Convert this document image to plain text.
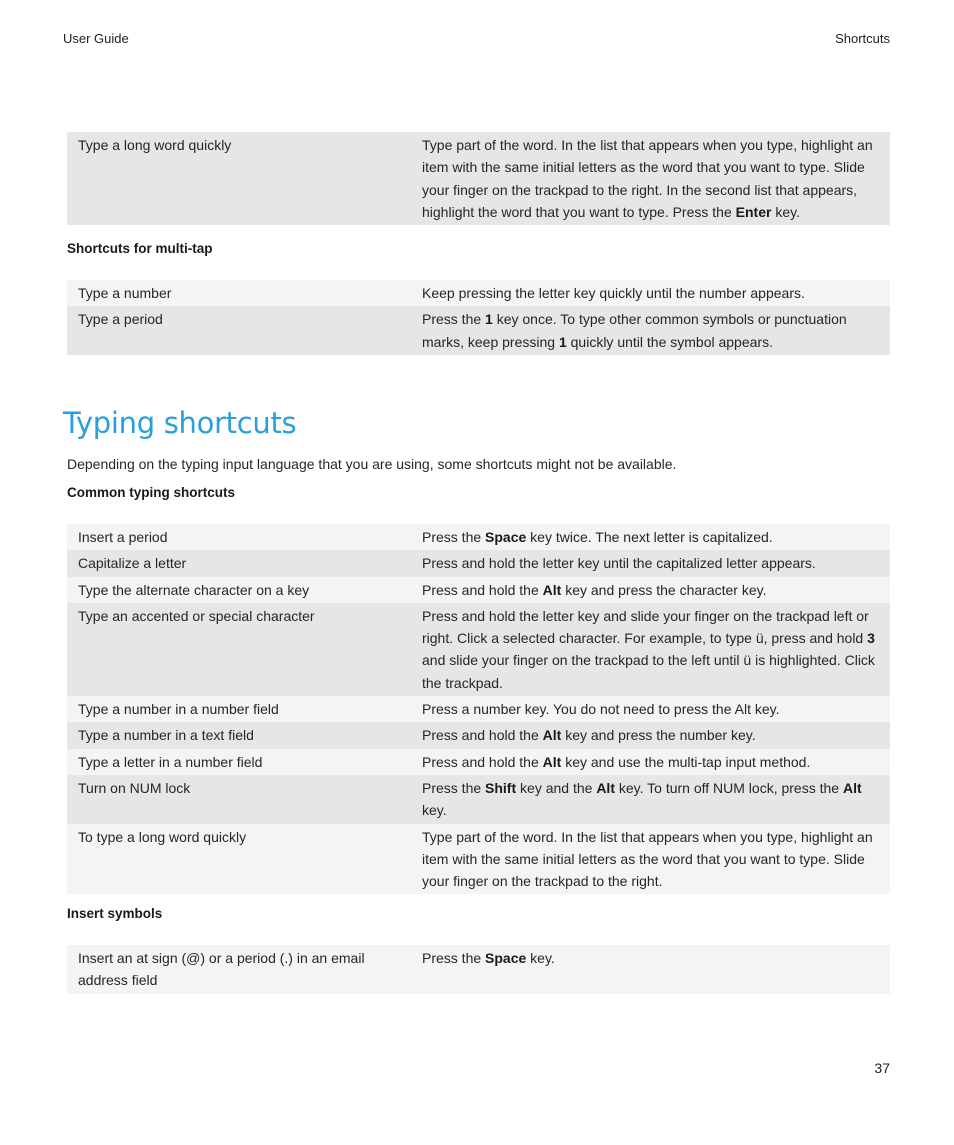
User Guide	Shortcuts
Type a long word quickly	Type part of the word. In the list that appears when you type, highlight an item with the same initial letters as the word that you want to type. Slide your finger on the trackpad to the right. In the second list that appears, highlight the word that you want to type. Press the Enter key.
Shortcuts for multi-tap
Type a number	Keep pressing the letter key quickly until the number appears.
Type a period	Press the 1 key once. To type other common symbols or punctuation marks, keep pressing 1 quickly until the symbol appears.
Typing shortcuts
Depending on the typing input language that you are using, some shortcuts might not be available.
Common typing shortcuts
Insert a period	Press the Space key twice. The next letter is capitalized.
Capitalize a letter	Press and hold the letter key until the capitalized letter appears.
Type the alternate character on a key	Press and hold the Alt key and press the character key.
Type an accented or special character	Press and hold the letter key and slide your finger on the trackpad left or right. Click a selected character. For example, to type ü, press and hold 3 and slide your finger on the trackpad to the left until ü is highlighted. Click the trackpad.
Type a number in a number field	Press a number key. You do not need to press the Alt key.
Type a number in a text field	Press and hold the Alt key and press the number key.
Type a letter in a number field	Press and hold the Alt key and use the multi-tap input method.
Turn on NUM lock	Press the Shift key and the Alt key. To turn off NUM lock, press the Alt key.
To type a long word quickly	Type part of the word. In the list that appears when you type, highlight an item with the same initial letters as the word that you want to type. Slide your finger on the trackpad to the right.
Insert symbols
Insert an at sign (@) or a period (.) in an email address field	Press the Space key.
37
